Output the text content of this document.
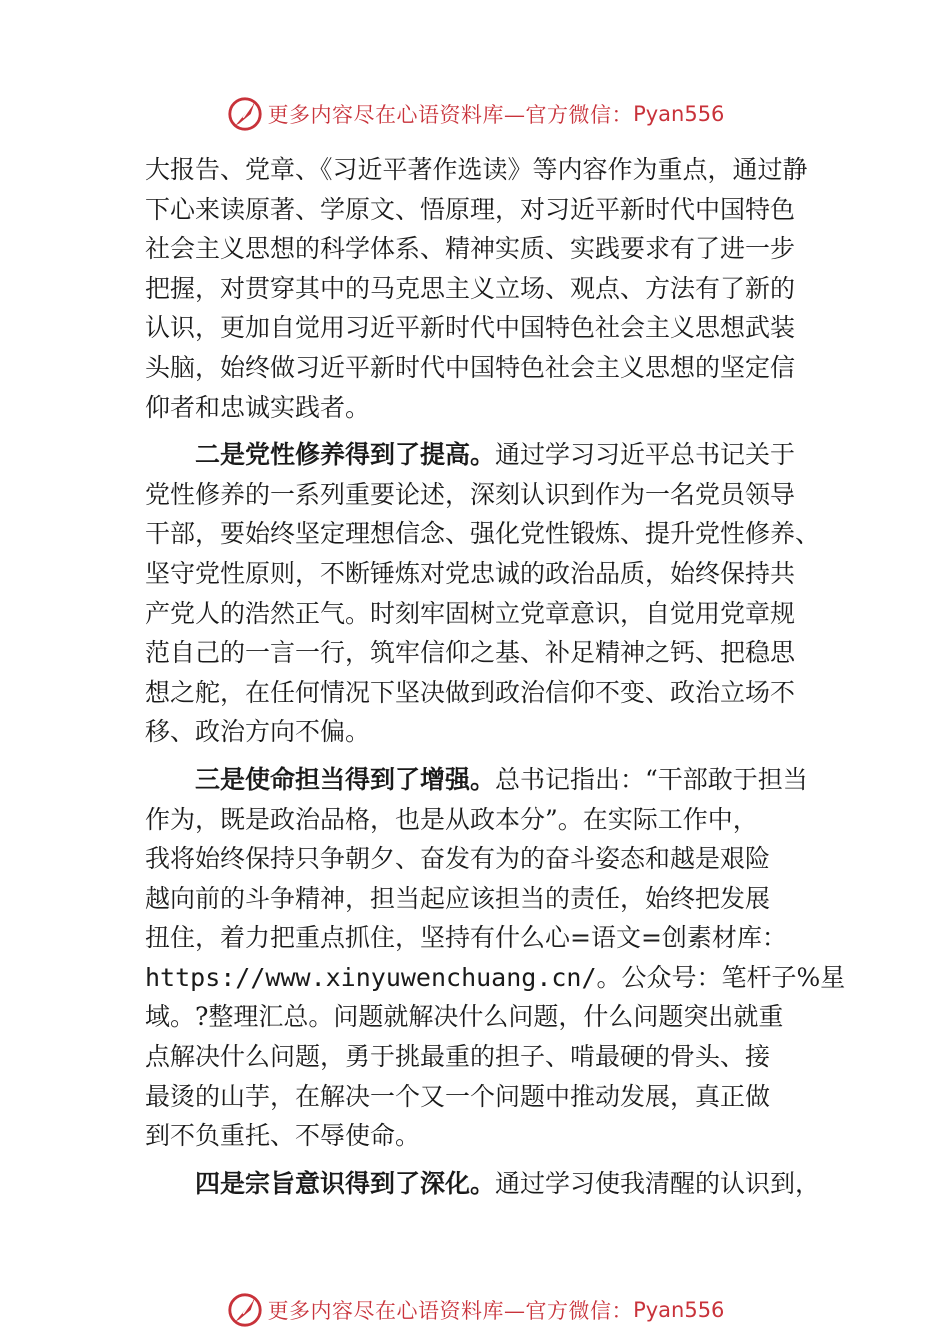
更多内容尽在心语资料库—官方微信： Pyan556
大报告、党章、《习近平著作选读》等内容作为重点，通过静
下心来读原著、学原文、悟原理，对习近平新时代中国特色
社会主义思想的科学体系、精神实质、实践要求有了进一步
把握，对贯穿其中的马克思主义立场、观点、方法有了新的
认识，更加自觉用习近平新时代中国特色社会主义思想武装
头脑，始终做习近平新时代中国特色社会主义思想的坚定信
仰者和忠诚实践者。
二是党性修养得到了提高。通过学习习近平总书记关于
党性修养的一系列重要论述，深刻认识到作为一名党员领导
干部，要始终坚定理想信念、强化党性锻炼、提升党性修养、
坚守党性原则，不断锤炼对党忠诚的政治品质，始终保持共
产党人的浩然正气。时刻牢固树立党章意识，自觉用党章规
范自己的一言一行，筑牢信仰之基、补足精神之钙、把稳思
想之舵，在任何情况下坚决做到政治信仰不变、政治立场不
移、政治方向不偏。
三是使命担当得到了增强。总书记指出：“干部敢于担当
作为，既是政治品格，也是从政本分”。在实际工作中，
我将始终保持只争朝夕、奋发有为的奋斗姿态和越是艰险
越向前的斗争精神，担当起应该担当的责任，始终把发展
扭住，着力把重点抓住，坚持有什么心=语文=创素材库：
https://www.xinyuwenchuang.cn/。公众号：笔杆子%星
域。?整理汇总。问题就解决什么问题，什么问题突出就重
点解决什么问题，勇于挑最重的担子、啃最硬的骨头、接
最烫的山芋，在解决一个又一个问题中推动发展，真正做
到不负重托、不辱使命。
四是宗旨意识得到了深化。通过学习使我清醒的认识到，
更多内容尽在心语资料库—官方微信： Pyan556
